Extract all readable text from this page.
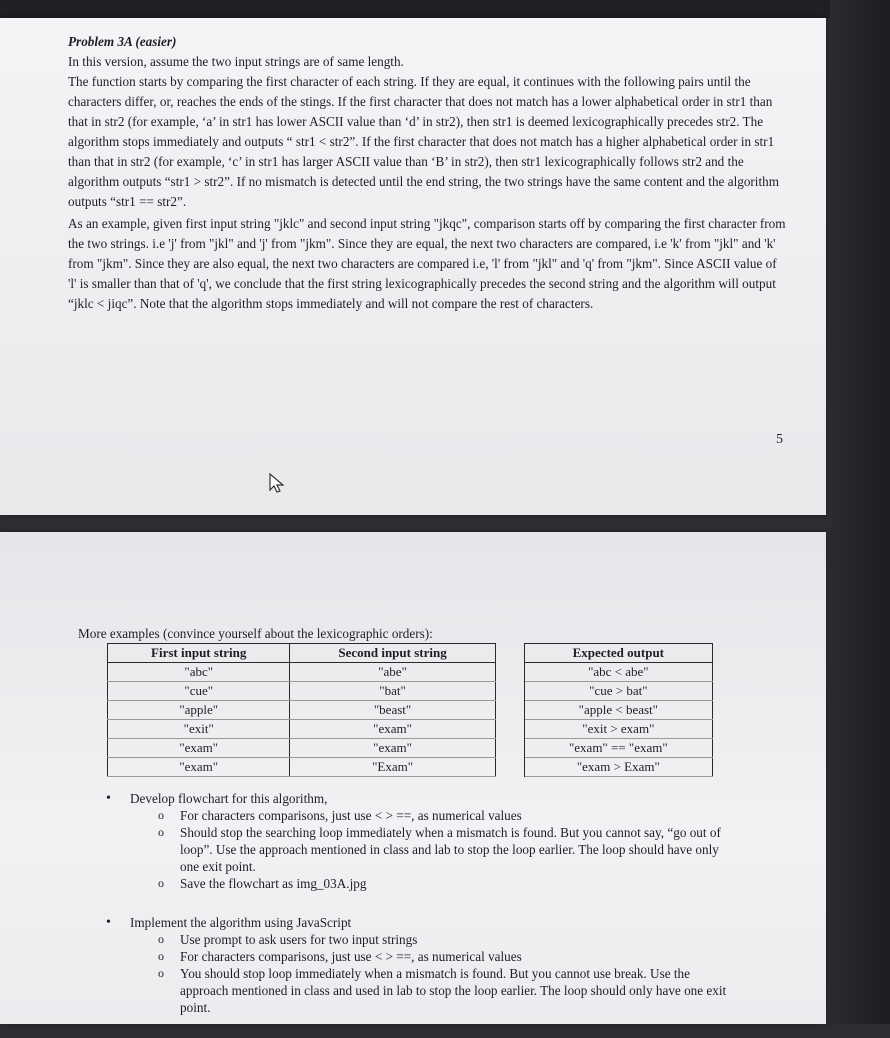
Problem 3A (easier)

In this version, assume the two input strings are of same length.

The function starts by comparing the first character of each string. If they are equal, it continues with the following pairs until the characters differ, or, reaches the ends of the stings. If the first character that does not match has a lower alphabetical order in str1 than that in str2 (for example, ‘a’ in str1 has lower ASCII value than ‘d’ in str2), then str1 is deemed lexicographically precedes str2. The algorithm stops immediately and outputs “ str1 < str2”. If the first character that does not match has a higher alphabetical order in str1 than that in str2 (for example, ‘c’ in str1 has larger ASCII value than ‘B’ in str2), then str1 lexicographically follows str2 and the algorithm outputs “str1 > str2”. If no mismatch is detected until the end string, the two strings have the same content and the algorithm outputs “str1 == str2”.

As an example, given first input string "jklc" and second input string "jkqc", comparison starts off by comparing the first character from the two strings. i.e 'j' from "jkl" and 'j' from "jkm". Since they are equal, the next two characters are compared, i.e 'k' from "jkl" and 'k' from "jkm". Since they are also equal, the next two characters are compared i.e, 'l' from "jkl" and 'q' from "jkm". Since ASCII value of 'l' is smaller than that of 'q', we conclude that the first string lexicographically precedes the second string and the algorithm will output “jklc < jiqc”. Note that the algorithm stops immediately and will not compare the rest of characters.

5
More examples (convince yourself about the lexicographic orders):
First input string	Second input string		Expected output
"abc"	"abe"		"abc < abe"
"cue"	"bat"		"cue > bat"
"apple"	"beast"		"apple < beast"
"exit"	"exam"		"exit > exam"
"exam"	"exam"		"exam" == "exam"
"exam"	"Exam"		"exam > Exam"
• Develop flowchart for this algorithm,
o For characters comparisons, just use < > ==, as numerical values
o Should stop the searching loop immediately when a mismatch is found. But you cannot say, “go out of loop”. Use the approach mentioned in class and lab to stop the loop earlier. The loop should have only one exit point.
o Save the flowchart as img_03A.jpg
• Implement the algorithm using JavaScript
o Use prompt to ask users for two input strings
o For characters comparisons, just use < > ==, as numerical values
o You should stop loop immediately when a mismatch is found. But you cannot use break. Use the approach mentioned in class and used in lab to stop the loop earlier. The loop should only have one exit point.
